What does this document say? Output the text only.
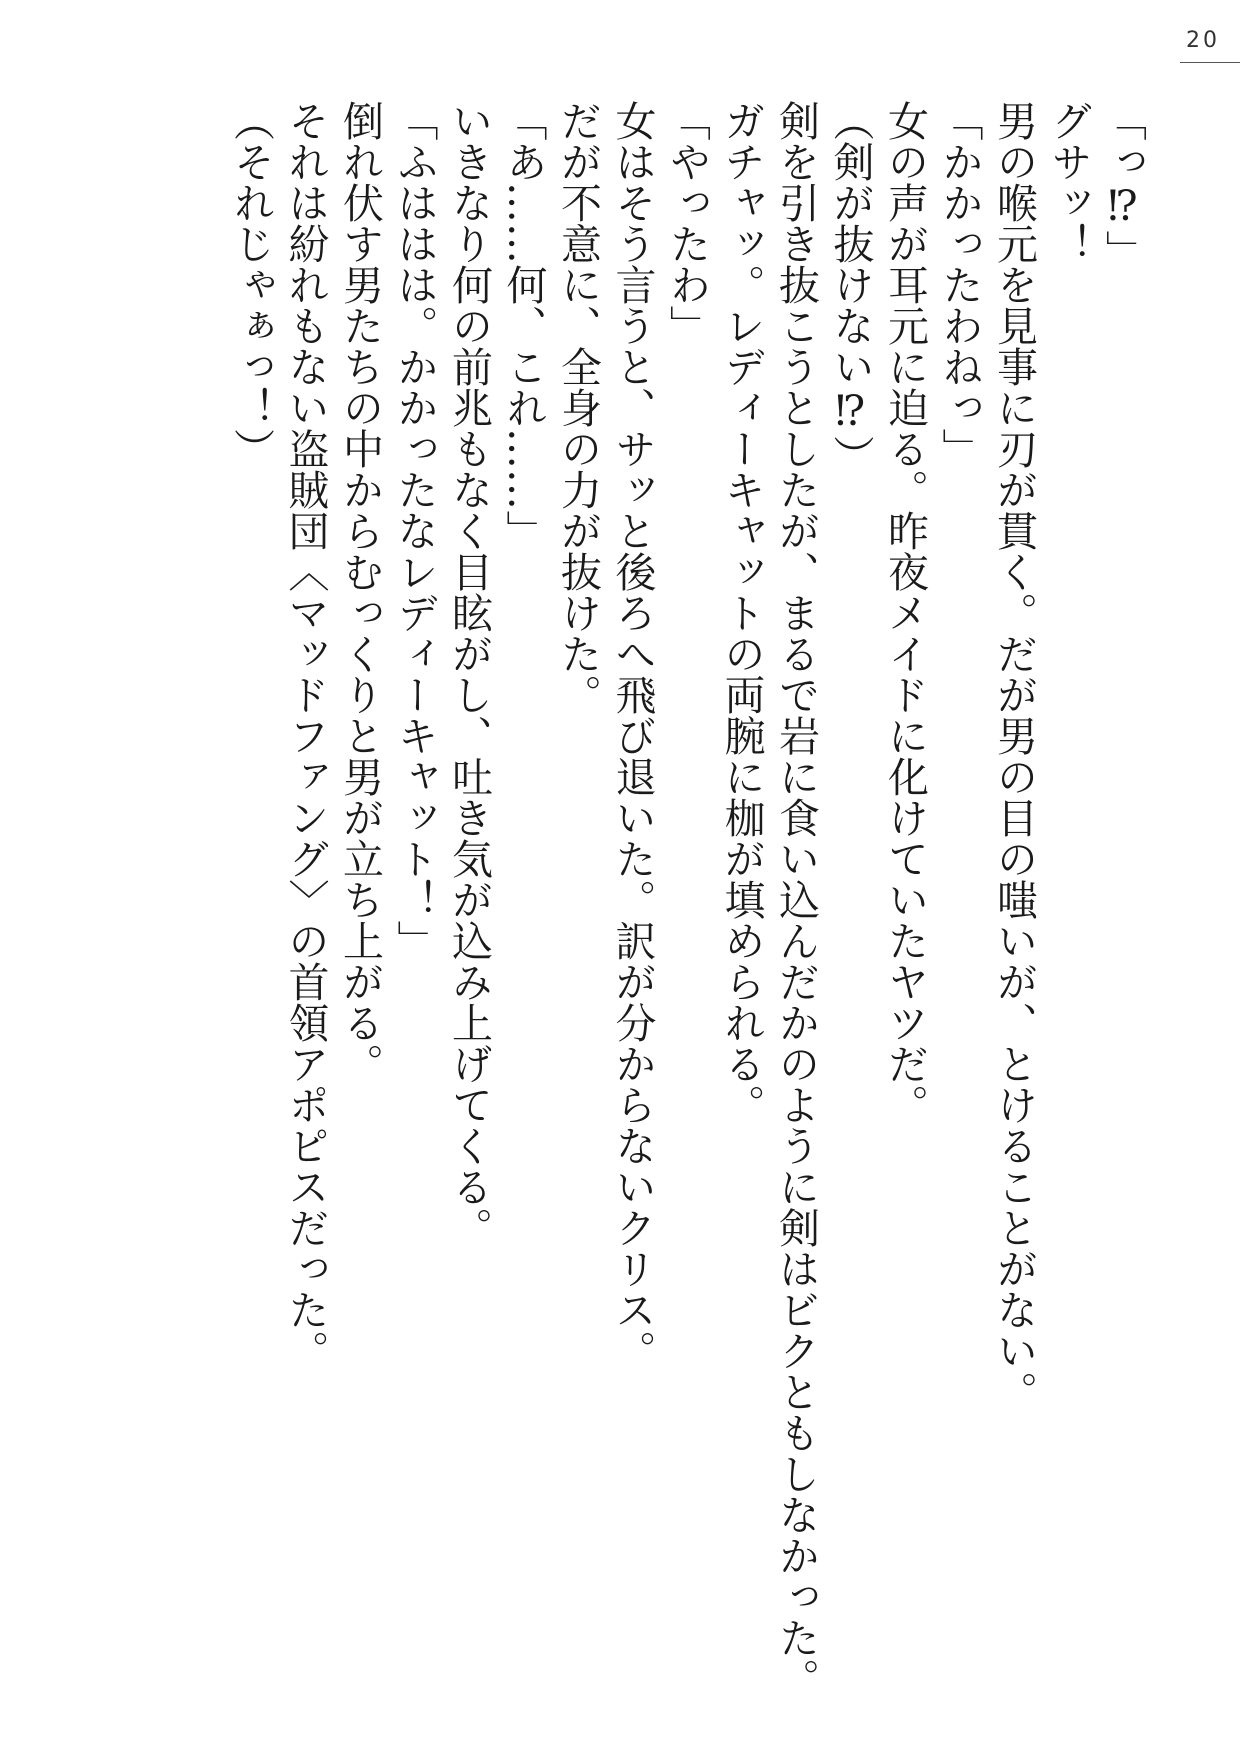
20

「っ⁉」

グサッ！

男の喉元を見事に刃が貫く。だが男の目の嗤いが、とけることがない。

「かかったわねっ」

女の声が耳元に迫る。昨夜メイドに化けていたヤツだ。

（剣が抜けない⁉）

剣を引き抜こうとしたが、まるで岩に食い込んだかのように剣はビクともしなかった。

ガチャッ。レディーキャットの両腕に枷が填められる。

「やったわ」

女はそう言うと、サッと後ろへ飛び退いた。訳が分からないクリス。

だが不意に、全身の力が抜けた。

「あ……何、これ……」

いきなり何の前兆もなく目眩がし、吐き気が込み上げてくる。

「ふははは。かかったなレディーキャット！」

倒れ伏す男たちの中からむっくりと男が立ち上がる。

それは紛れもない盗賊団〈マッドファング〉の首領アポピスだった。

（それじゃぁっ！）
